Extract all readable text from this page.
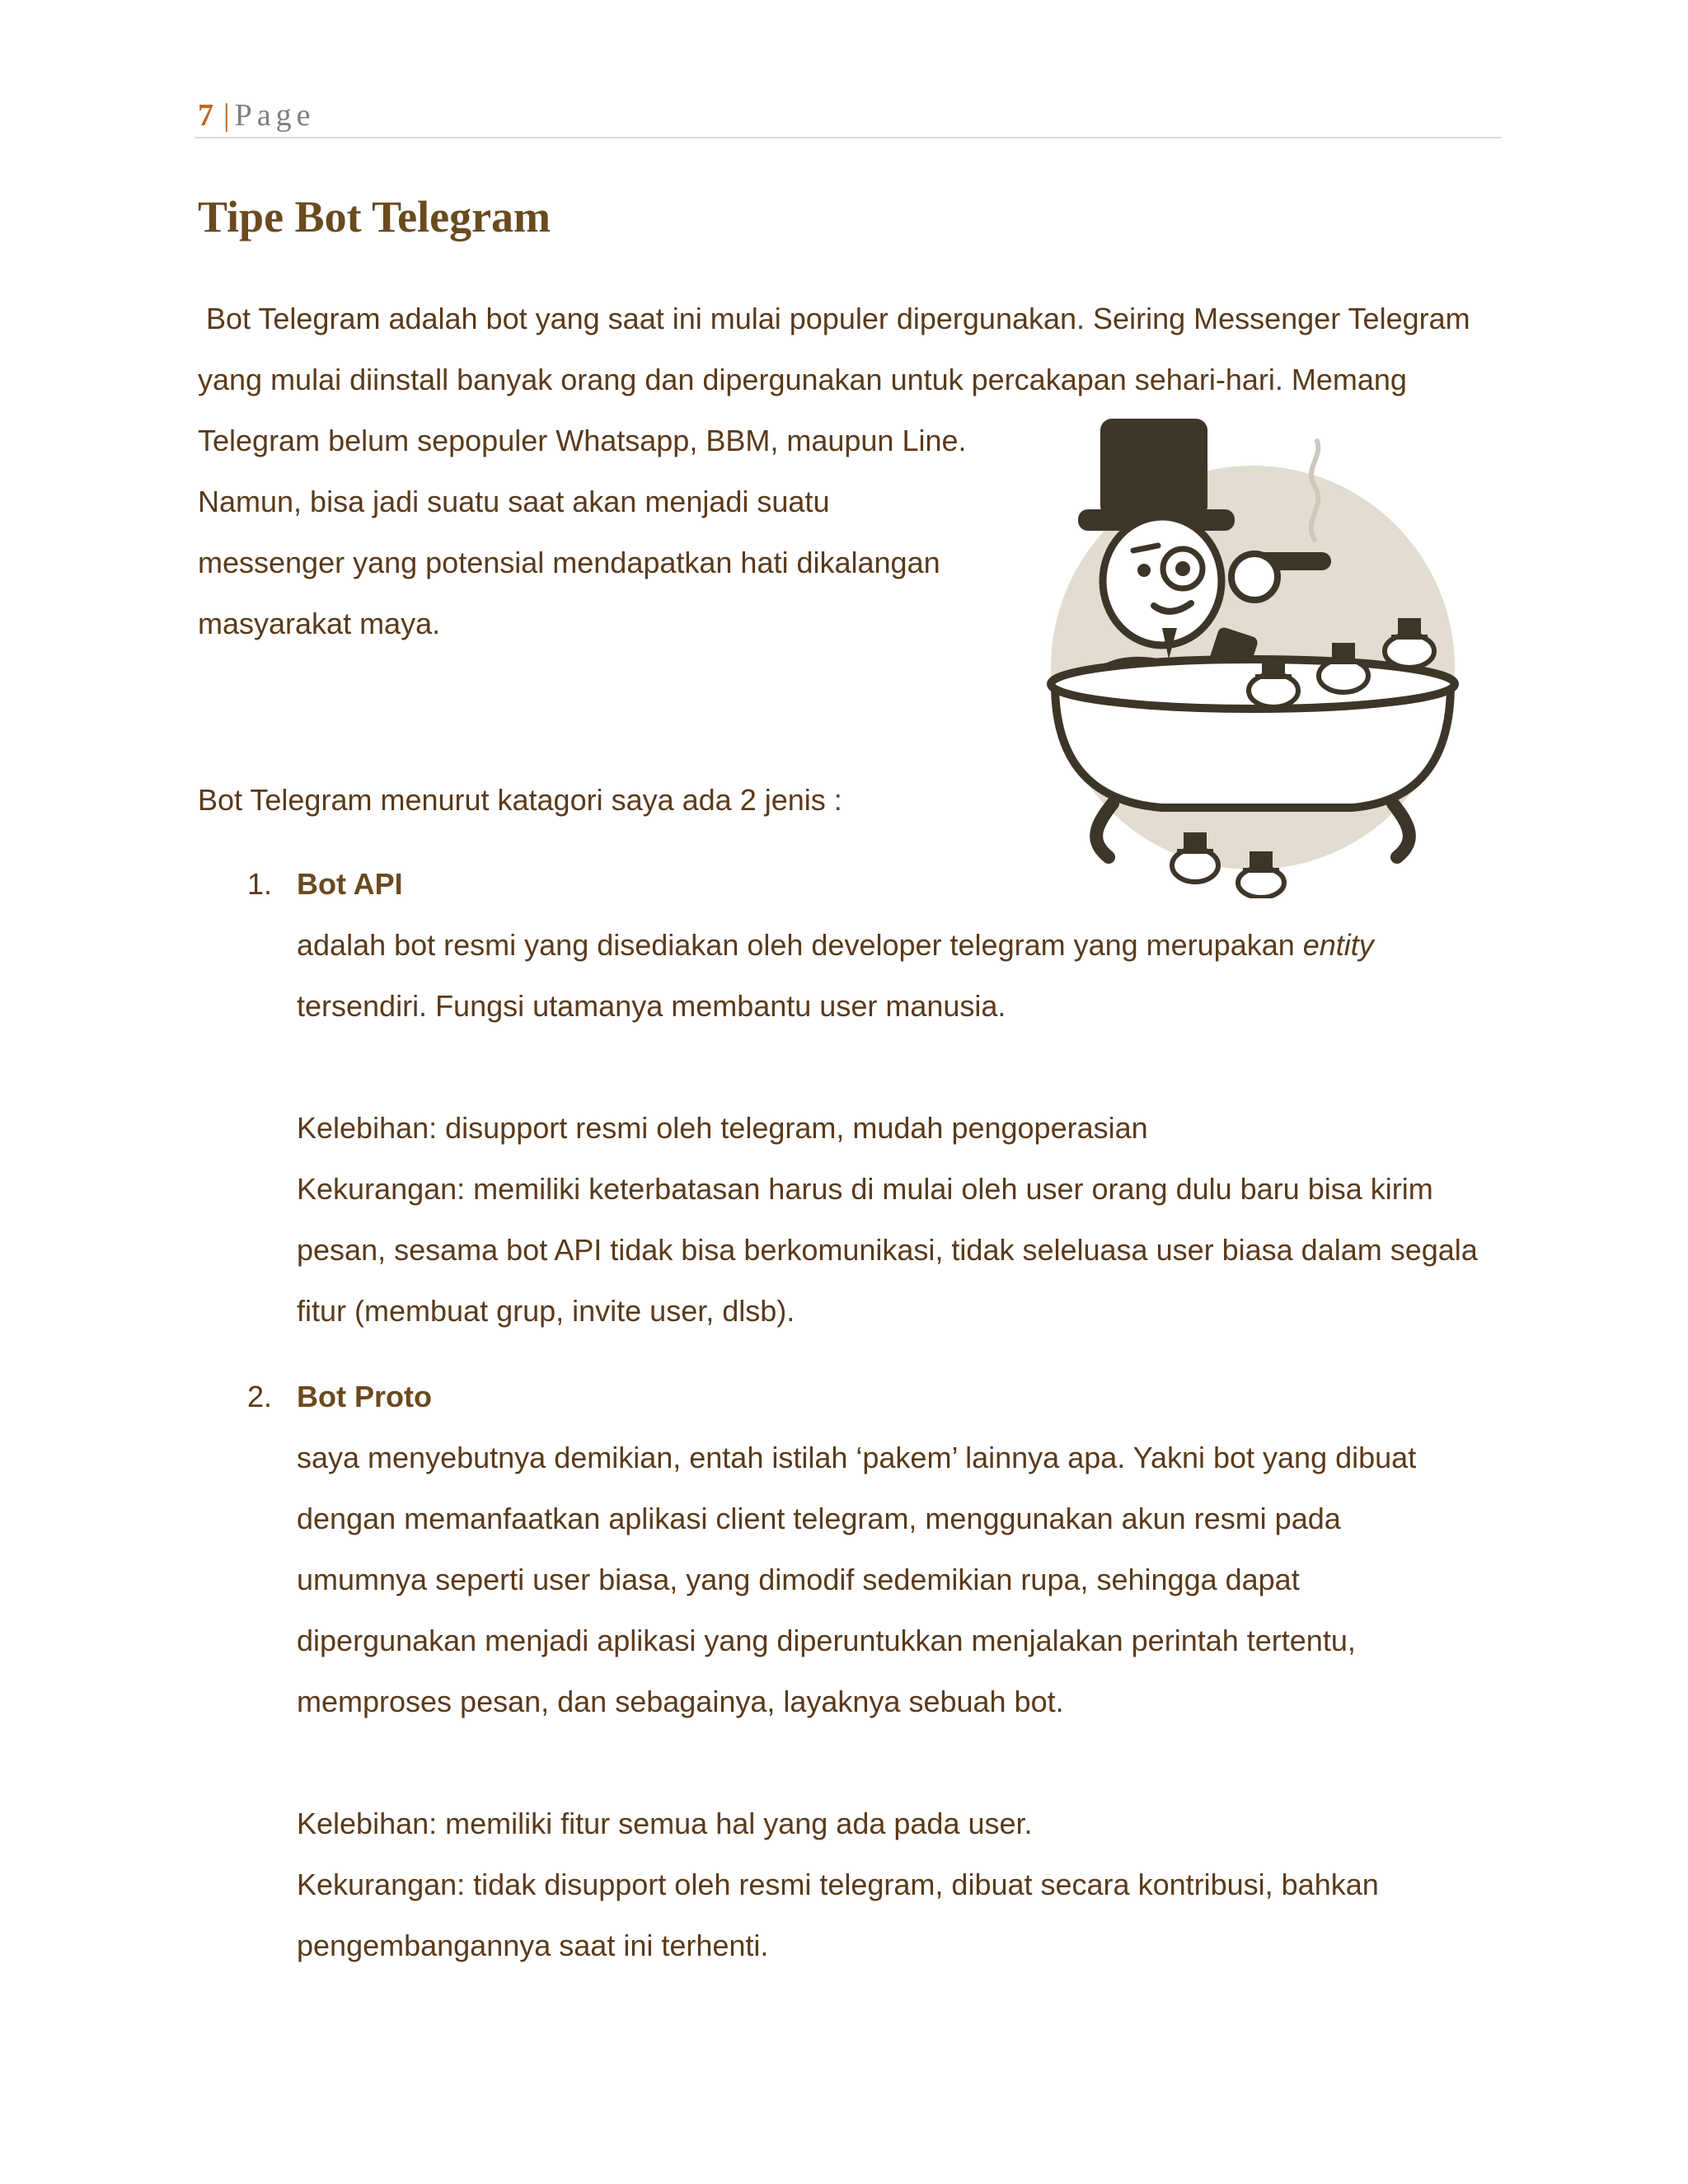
7 | Page
Tipe Bot Telegram
Bot Telegram adalah bot yang saat ini mulai populer dipergunakan. Seiring Messenger Telegram
yang mulai diinstall banyak orang dan dipergunakan untuk percakapan sehari-hari. Memang
Telegram belum sepopuler Whatsapp, BBM, maupun Line.
Namun, bisa jadi suatu saat akan menjadi suatu
messenger yang potensial mendapatkan hati dikalangan
masyarakat maya.

Bot Telegram menurut katagori saya ada 2 jenis :

1. Bot API
adalah bot resmi yang disediakan oleh developer telegram yang merupakan entity
tersendiri. Fungsi utamanya membantu user manusia.
Kelebihan: disupport resmi oleh telegram, mudah pengoperasian
Kekurangan: memiliki keterbatasan harus di mulai oleh user orang dulu baru bisa kirim
pesan, sesama bot API tidak bisa berkomunikasi, tidak seleluasa user biasa dalam segala
fitur (membuat grup, invite user, dlsb).
2. Bot Proto
saya menyebutnya demikian, entah istilah ‘pakem’ lainnya apa. Yakni bot yang dibuat
dengan memanfaatkan aplikasi client telegram, menggunakan akun resmi pada
umumnya seperti user biasa, yang dimodif sedemikian rupa, sehingga dapat
dipergunakan menjadi aplikasi yang diperuntukkan menjalakan perintah tertentu,
memproses pesan, dan sebagainya, layaknya sebuah bot.
Kelebihan: memiliki fitur semua hal yang ada pada user.
Kekurangan: tidak disupport oleh resmi telegram, dibuat secara kontribusi, bahkan
pengembangannya saat ini terhenti.
